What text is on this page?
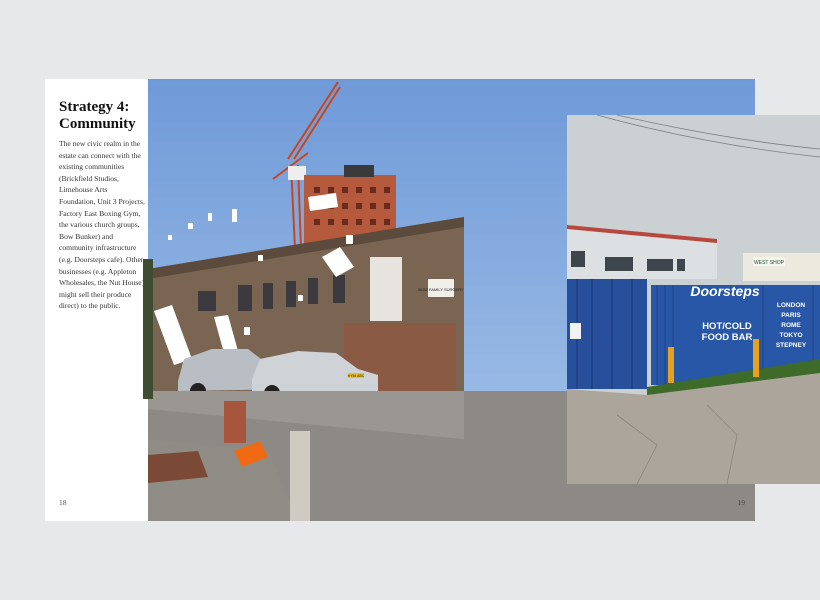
Strategy 4:
Community

The new civic realm in the estate can connect with the existing communities (Brickfield Studios, Limehouse Arts Foundation, Unit 3 Projects, Factory East Boxing Gym, the various church groups, Bow Bunker) and community infrastructure (e.g. Doorsteps cafe). Other businesses (e.g. Appleton Wholesales, the Nut House) might sell their produce direct) to the public.

18
BOW FAMILY SURGERY
HY54 ABC
WEST SHOP
Doorsteps
HOT/COLD
FOOD BAR
LONDON
PARIS
ROME
TOKYO
STEPNEY
19
